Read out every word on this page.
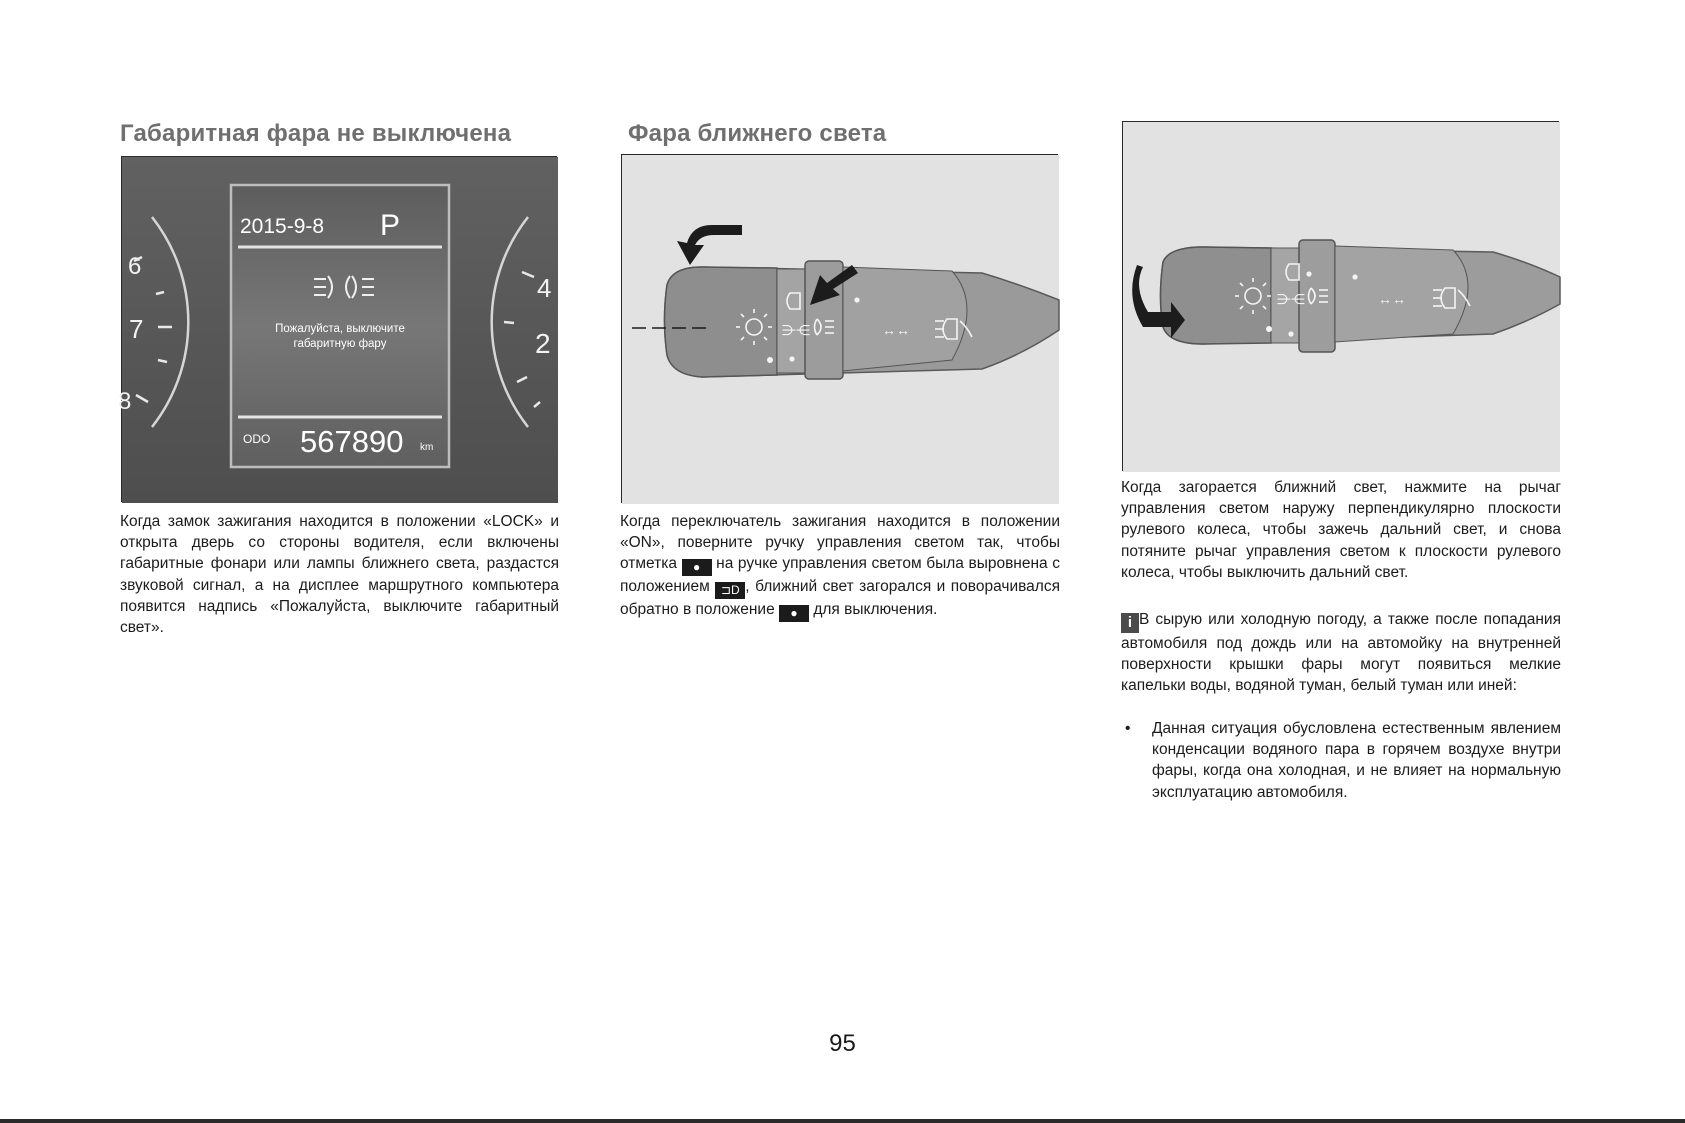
Габаритная фара не выключена
6
7
8
4
2
2015-9-8 P
Пожалуйста, выключите
габаритную фару
ODO 567890 km

Когда замок зажигания находится в положении «LOCK» и открыта дверь со стороны водителя, если включены габаритные фонари или лампы ближнего света, раздастся звуковой сигнал, а на дисплее маршрутного компьютера появится надпись «Пожалуйста, выключите габаритный свет».

Фара ближнего света
⋺⋲	↔↔

Когда переключатель зажигания находится в положении «ON», поверните ручку управления светом так, чтобы отметка ● на ручке управления светом была выровнена с положением ⊐D , ближний свет загорался и поворачивался обратно в положение ● для выключения.

⋺⋲	↔↔

Когда загорается ближний свет, нажмите на рычаг управления светом наружу перпендикулярно плоскости рулевого колеса, чтобы зажечь дальний свет, и снова потяните рычаг управления светом к плоскости рулевого колеса, чтобы выключить дальний свет.

i В сырую или холодную погоду, а также после попадания автомобиля под дождь или на автомойку на внутренней поверхности крышки фары могут появиться мелкие капельки воды, водяной туман, белый туман или иней:

• Данная ситуация обусловлена естественным явлением конденсации водяного пара в горячем воздухе внутри фары, когда она холодная, и не влияет на нормальную эксплуатацию автомобиля.
95
